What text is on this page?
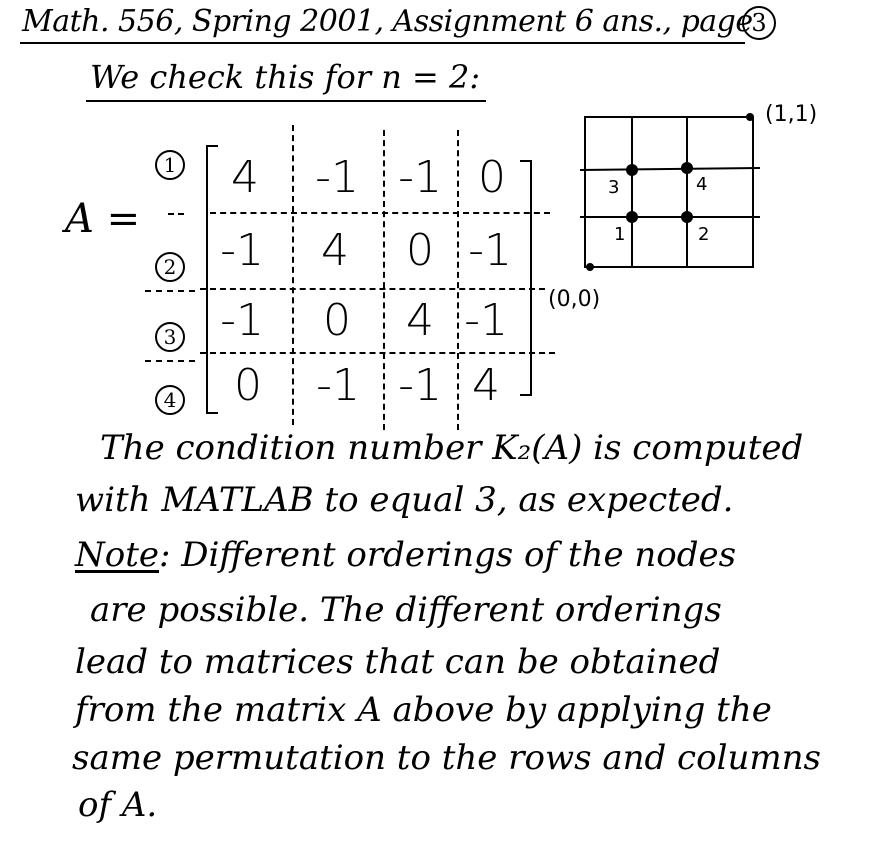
Math. 556, Spring 2001, Assignment 6 ans., page
3
We check this for n = 2:
A =
1
2
3
4
4	-1 -1 0
-1	4	0 -1
-1	0	4 -1
0	-1 -1 4
1	2
3	4
(1,1)
(0,0)
The condition number K₂(A) is computed
with MATLAB to equal 3, as expected.
Note: Different orderings of the nodes
are possible. The different orderings
lead to matrices that can be obtained
from the matrix A above by applying the
same permutation to the rows and columns
of A.
